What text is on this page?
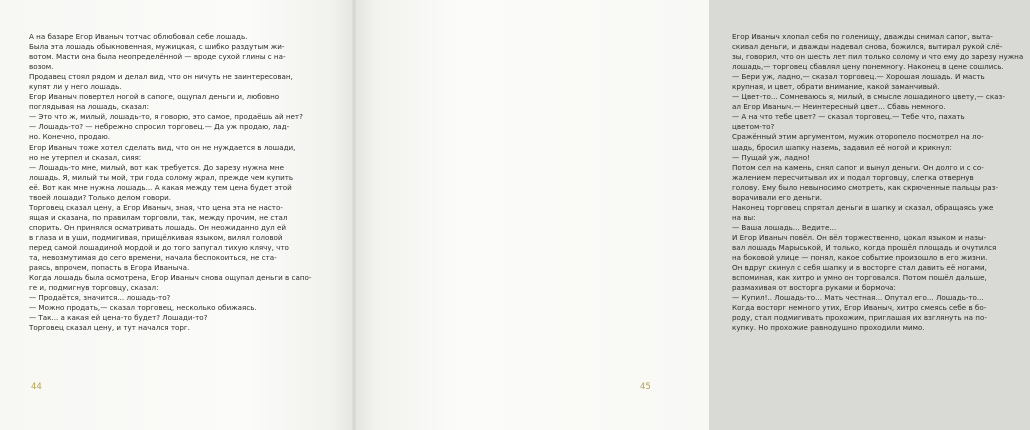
А на базаре Егор Иваныч тотчас облюбовал себе лошадь.
Была эта лошадь обыкновенная, мужицкая, с шибко раздутым жи-
вотом. Масти она была неопределённой — вроде сухой глины с на-
возом.
Продавец стоял рядом и делал вид, что он ничуть не заинтересован,
купят ли у него лошадь.
Егор Иваныч повертел ногой в сапоге, ощупал деньги и, любовно
поглядывая на лошадь, сказал:
— Это что ж, милый, лошадь-то, я говорю, это самое, продаёшь ай нет?
— Лошадь-то? — небрежно спросил торговец.— Да уж продаю, лад-
но. Конечно, продаю.
Егор Иваныч тоже хотел сделать вид, что он не нуждается в лошади,
но не утерпел и сказал, сияя:
— Лошадь-то мне, милый, вот как требуется. До зарезу нужна мне
лошадь. Я, милый ты мой, три года солому жрал, прежде чем купить
её. Вот как мне нужна лошадь... А какая между тем цена будет этой
твоей лошади? Только делом говори.
Торговец сказал цену, а Егор Иваныч, зная, что цена эта не насто-
ящая и сказана, по правилам торговли, так, между прочим, не стал
спорить. Он принялся осматривать лошадь. Он неожиданно дул ей
в глаза и в уши, подмигивая, прищёлкивая языком, вилял головой
перед самой лошадиной мордой и до того запугал тихую клячу, что
та, невозмутимая до сего времени, начала беспокоиться, не ста-
раясь, впрочем, попасть в Егора Иваныча.
Когда лошадь была осмотрена, Егор Иваныч снова ощупал деньги в сапо-
ге и, подмигнув торговцу, сказал:
— Продаётся, значится... лошадь-то?
— Можно продать,— сказал торговец, несколько обижаясь.
— Так... а какая ей цена-то будет? Лошади-то?
Торговец сказал цену, и тут начался торг.
Егор Иваныч хлопал себя по голенищу, дважды снимал сапог, выта-
скивал деньги, и дважды надевал снова, божился, вытирал рукой слё-
зы, говорил, что он шесть лет пил только солому и что ему до зарезу нужна
лошадь,— торговец сбавлял цену понемногу. Наконец в цене сошлись.
— Бери уж, ладно,— сказал торговец.— Хорошая лошадь. И масть
крупная, и цвет, обрати внимание, какой заманчивый.
— Цвет-то... Сомневаюсь я, милый, в смысле лошадиного цвету,— сказ-
ал Егор Иваныч.— Неинтересный цвет... Сбавь немного.
— А на что тебе цвет? — сказал торговец.— Тебе что, пахать
цветом-то?
Сражённый этим аргументом, мужик оторопело посмотрел на ло-
шадь, бросил шапку наземь, задавил её ногой и крикнул:
— Пущай уж, ладно!
Потом сел на камень, снял сапог и вынул деньги. Он долго и с со-
жалением пересчитывал их и подал торговцу, слегка отвернув
голову. Ему было невыносимо смотреть, как скрюченные пальцы раз-
ворачивали его деньги.
Наконец торговец спрятал деньги в шапку и сказал, обращаясь уже
на вы:
— Ваша лошадь... Ведите...
И Егор Иваныч повёл. Он вёл торжественно, цокал языком и назы-
вал лошадь Марыськой, И только, когда прошёл площадь и очутился
на боковой улице — понял, какое событие произошло в его жизни.
Он вдруг скинул с себя шапку и в восторге стал давить её ногами,
вспоминая, как хитро и умно он торговался. Потом пошёл дальше,
размахивая от восторга руками и бормоча:
— Купил!.. Лошадь-то... Мать честная... Опутал его... Лошадь-то...
Когда восторг немного утих, Егор Иваныч, хитро смеясь себе в бо-
роду, стал подмигивать прохожим, приглашая их взглянуть на по-
купку. Но прохожие равнодушно проходили мимо.
44	45
